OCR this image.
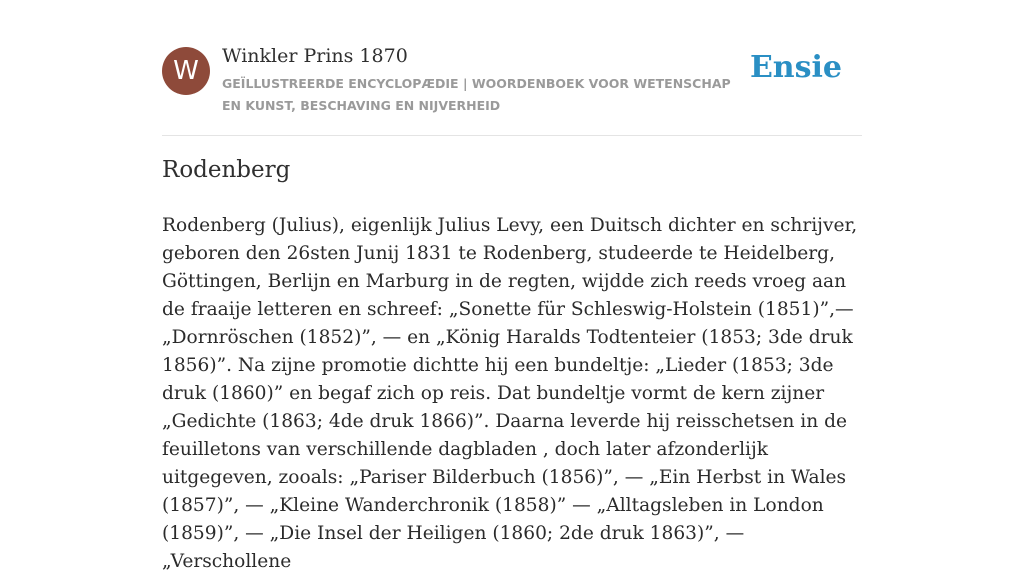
W	Winkler Prins 1870
GEÏLLUSTREERDE ENCYCLOPÆDIE | WOORDENBOEK VOOR WETENSCHAP EN KUNST, BESCHAVING EN NIJVERHEID
Ensie
Rodenberg

Rodenberg (Julius), eigenlijk Julius Levy, een Duitsch dichter en schrijver, geboren den 26sten Junij 1831 te Rodenberg, studeerde te Heidelberg, Göttingen, Berlijn en Marburg in de regten, wijdde zich reeds vroeg aan de fraaije letteren en schreef: „Sonette für Schleswig-Holstein (1851)”,— „Dornröschen (1852)”, — en „König Haralds Todtenteier (1853; 3de druk 1856)”. Na zijne promotie dichtte hij een bundeltje: „Lieder (1853; 3de druk (1860)” en begaf zich op reis. Dat bundeltje vormt de kern zijner „Gedichte (1863; 4de druk 1866)”. Daarna leverde hij reisschetsen in de feuilletons van verschillende dagbladen , doch later afzonderlijk uitgegeven, zooals: „Pariser Bilderbuch (1856)”, — „Ein Herbst in Wales (1857)”, — „Kleine Wanderchronik (1858)” — „Alltagsleben in London (1859)”, — „Die Insel der Heiligen (1860; 2de druk 1863)”, — „Verschollene
